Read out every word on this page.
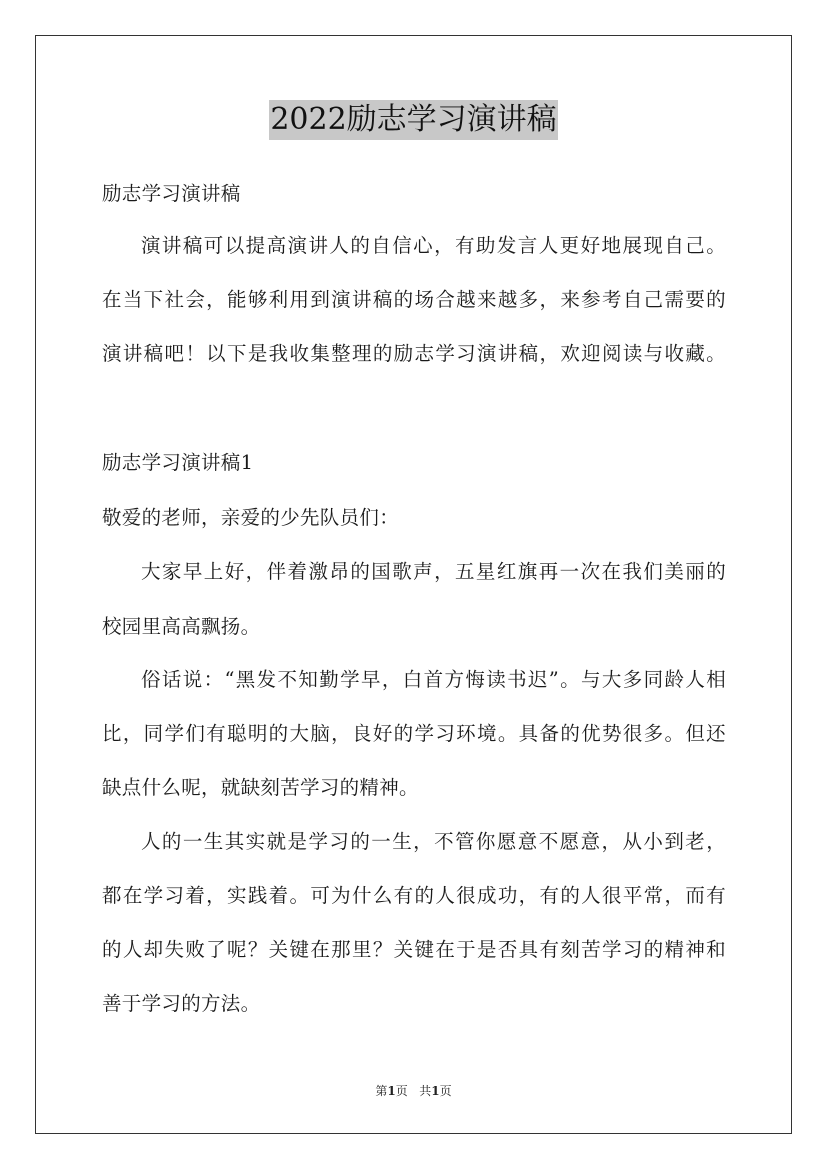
2022励志学习演讲稿
励志学习演讲稿
演讲稿可以提高演讲人的自信心，有助发言人更好地展现自己。
在当下社会，能够利用到演讲稿的场合越来越多，来参考自己需要的
演讲稿吧！以下是我收集整理的励志学习演讲稿，欢迎阅读与收藏。
励志学习演讲稿1
敬爱的老师，亲爱的少先队员们：
大家早上好，伴着激昂的国歌声，五星红旗再一次在我们美丽的
校园里高高飘扬。
俗话说：“黑发不知勤学早，白首方悔读书迟”。与大多同龄人相
比，同学们有聪明的大脑，良好的学习环境。具备的优势很多。但还
缺点什么呢，就缺刻苦学习的精神。
人的一生其实就是学习的一生，不管你愿意不愿意，从小到老，
都在学习着，实践着。可为什么有的人很成功，有的人很平常，而有
的人却失败了呢？关键在那里？关键在于是否具有刻苦学习的精神和
善于学习的方法。
第1页   共1页
